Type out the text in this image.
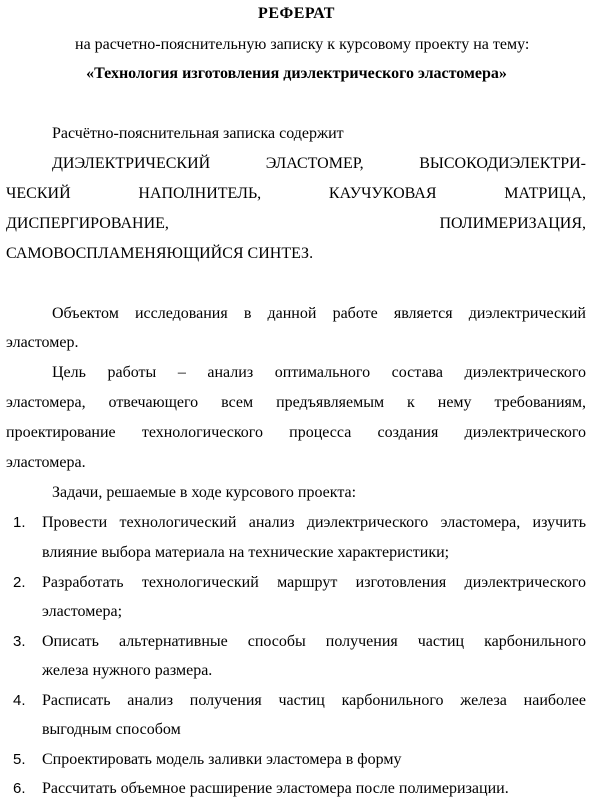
РЕФЕРАТ
на расчетно-пояснительную записку к курсовому проекту на тему:
«Технология изготовления диэлектрического эластомера»
Расчётно-пояснительная записка содержит
ДИЭЛЕКТРИЧЕСКИЙ	ЭЛАСТОМЕР,	ВЫСОКОДИЭЛЕКТРИ-
ЧЕСКИЙ	НАПОЛНИТЕЛЬ,	КАУЧУКОВАЯ	МАТРИЦА,
ДИСПЕРГИРОВАНИЕ,	ПОЛИМЕРИЗАЦИЯ,
САМОВОСПЛАМЕНЯЮЩИЙСЯ СИНТЕЗ.
Объектом исследования в данной работе является диэлектрический
эластомер.
Цель работы – анализ оптимального состава диэлектрического
эластомера, отвечающего всем предъявляемым к нему требованиям,
проектирование технологического процесса создания диэлектрического
эластомера.
Задачи, решаемые в ходе курсового проекта:
1. Провести технологический анализ диэлектрического эластомера, изучить
влияние выбора материала на технические характеристики;
2. Разработать технологический маршрут изготовления диэлектрического
эластомера;
3. Описать альтернативные способы получения частиц карбонильного
железа нужного размера.
4. Расписать анализ получения частиц карбонильного железа наиболее
выгодным способом
5. Спроектировать модель заливки эластомера в форму
6. Рассчитать объемное расширение эластомера после полимеризации.
